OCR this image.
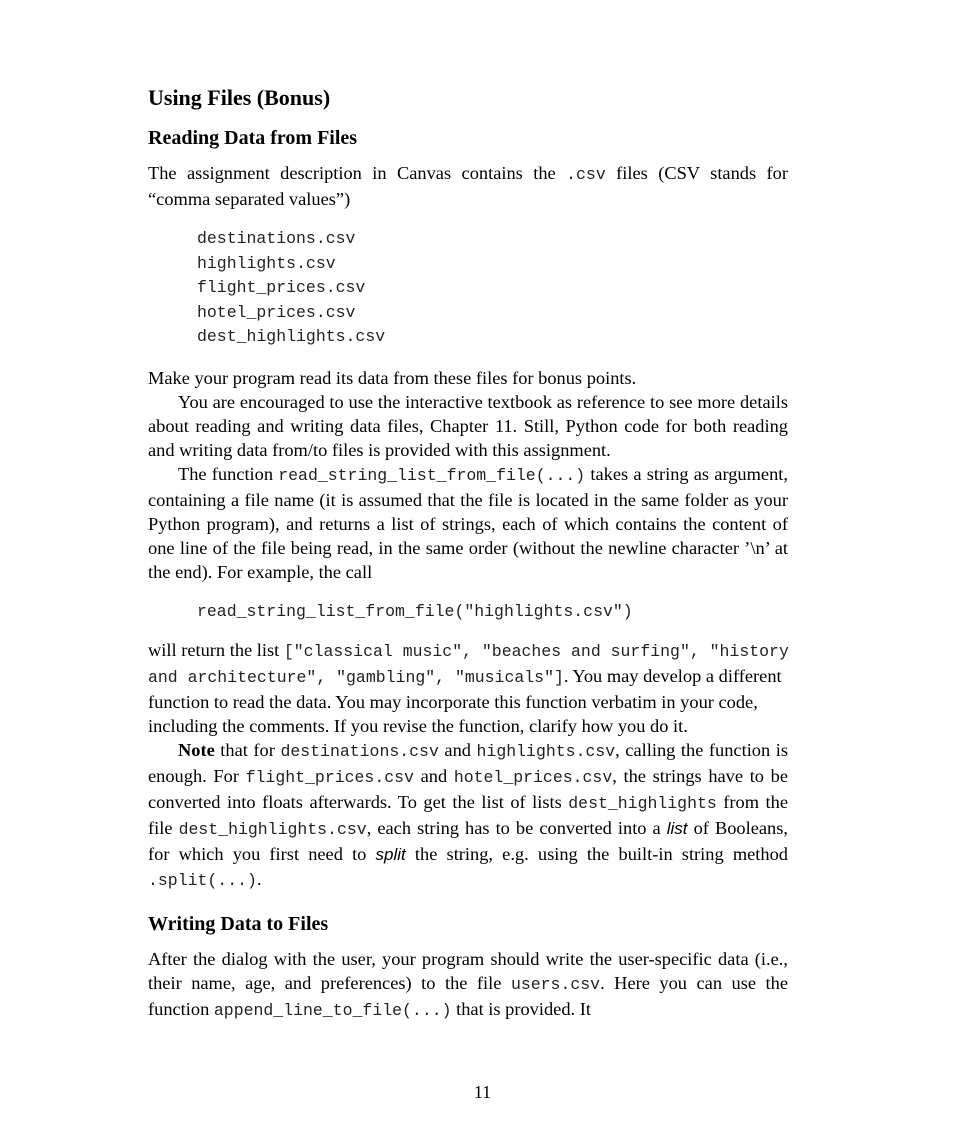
Using Files (Bonus)
Reading Data from Files

The assignment description in Canvas contains the .csv files (CSV stands for “comma separated values”)

destinations.csv
highlights.csv
flight_prices.csv
hotel_prices.csv
dest_highlights.csv

Make your program read its data from these files for bonus points.

You are encouraged to use the interactive textbook as reference to see more details about reading and writing data files, Chapter 11. Still, Python code for both reading and writing data from/to files is provided with this assignment.

The function read_string_list_from_file(...) takes a string as argument, containing a file name (it is assumed that the file is located in the same folder as your Python program), and returns a list of strings, each of which contains the content of one line of the file being read, in the same order (without the newline character ’\n’ at the end). For example, the call

read_string_list_from_file("highlights.csv")

will return the list ["classical music", "beaches and surfing", "history and architecture", "gambling", "musicals"]. You may develop a different function to read the data. You may incorporate this function verbatim in your code, including the comments. If you revise the function, clarify how you do it.

Note that for destinations.csv and highlights.csv, calling the function is enough. For flight_prices.csv and hotel_prices.csv, the strings have to be converted into floats afterwards. To get the list of lists dest_highlights from the file dest_highlights.csv, each string has to be converted into a list of Booleans, for which you first need to split the string, e.g. using the built-in string method .split(...).

Writing Data to Files

After the dialog with the user, your program should write the user-specific data (i.e., their name, age, and preferences) to the file users.csv. Here you can use the function append_line_to_file(...) that is provided. It

11
